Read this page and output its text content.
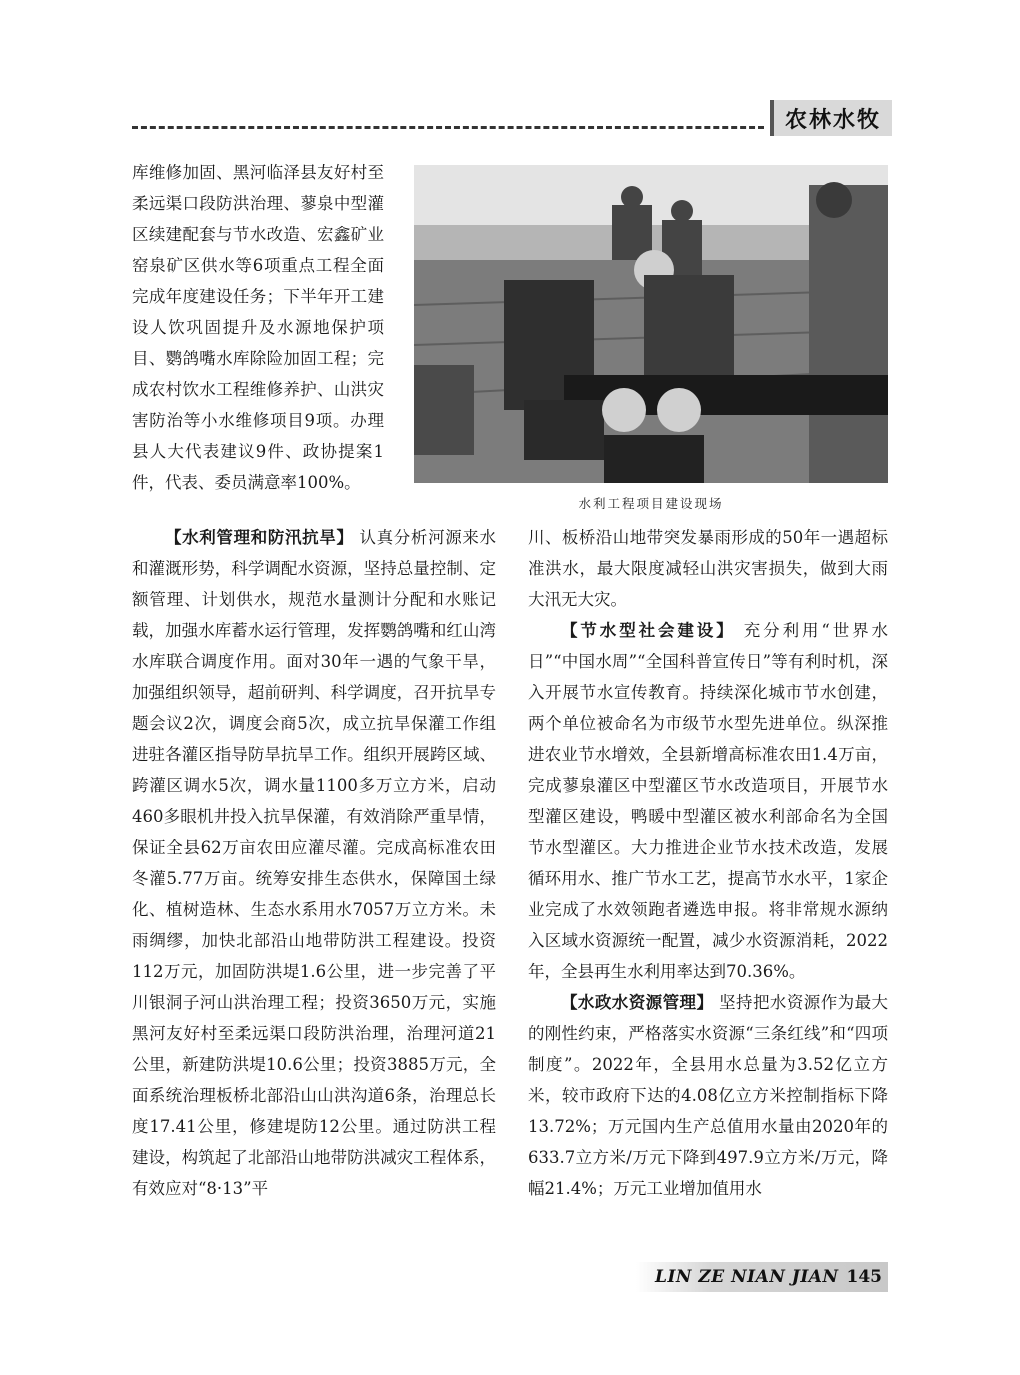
农林水牧

库维修加固、黑河临泽县友好村至柔远渠口段防洪治理、蓼泉中型灌区续建配套与节水改造、宏鑫矿业窑泉矿区供水等6项重点工程全面完成年度建设任务；下半年开工建设人饮巩固提升及水源地保护项目、鹦鸽嘴水库除险加固工程；完成农村饮水工程维修养护、山洪灾害防治等小水维修项目9项。办理县人大代表建议9件、政协提案1件，代表、委员满意率100%。

水利工程项目建设现场

【水利管理和防汛抗旱】 认真分析河源来水和灌溉形势，科学调配水资源，坚持总量控制、定额管理、计划供水，规范水量测计分配和水账记载，加强水库蓄水运行管理，发挥鹦鸽嘴和红山湾水库联合调度作用。面对30年一遇的气象干旱，加强组织领导，超前研判、科学调度，召开抗旱专题会议2次，调度会商5次，成立抗旱保灌工作组进驻各灌区指导防旱抗旱工作。组织开展跨区域、跨灌区调水5次，调水量1100多万立方米，启动460多眼机井投入抗旱保灌，有效消除严重旱情，保证全县62万亩农田应灌尽灌。完成高标准农田冬灌5.77万亩。统筹安排生态供水，保障国土绿化、植树造林、生态水系用水7057万立方米。未雨绸缪，加快北部沿山地带防洪工程建设。投资112万元，加固防洪堤1.6公里，进一步完善了平川银洞子河山洪治理工程；投资3650万元，实施黑河友好村至柔远渠口段防洪治理，治理河道21公里，新建防洪堤10.6公里；投资3885万元，全面系统治理板桥北部沿山山洪沟道6条，治理总长度17.41公里，修建堤防12公里。通过防洪工程建设，构筑起了北部沿山地带防洪减灾工程体系，有效应对“8·13”平

川、板桥沿山地带突发暴雨形成的50年一遇超标准洪水，最大限度减轻山洪灾害损失，做到大雨大汛无大灾。

【节水型社会建设】 充分利用“世界水日”“中国水周”“全国科普宣传日”等有利时机，深入开展节水宣传教育。持续深化城市节水创建，两个单位被命名为市级节水型先进单位。纵深推进农业节水增效，全县新增高标准农田1.4万亩，完成蓼泉灌区中型灌区节水改造项目，开展节水型灌区建设，鸭暖中型灌区被水利部命名为全国节水型灌区。大力推进企业节水技术改造，发展循环用水、推广节水工艺，提高节水水平，1家企业完成了水效领跑者遴选申报。将非常规水源纳入区域水资源统一配置，减少水资源消耗，2022年，全县再生水利用率达到70.36%。

【水政水资源管理】 坚持把水资源作为最大的刚性约束，严格落实水资源“三条红线”和“四项制度”。2022年，全县用水总量为3.52亿立方米，较市政府下达的4.08亿立方米控制指标下降13.72%；万元国内生产总值用水量由2020年的633.7立方米/万元下降到497.9立方米/万元，降幅21.4%；万元工业增加值用水

LIN ZE NIAN JIAN 145
